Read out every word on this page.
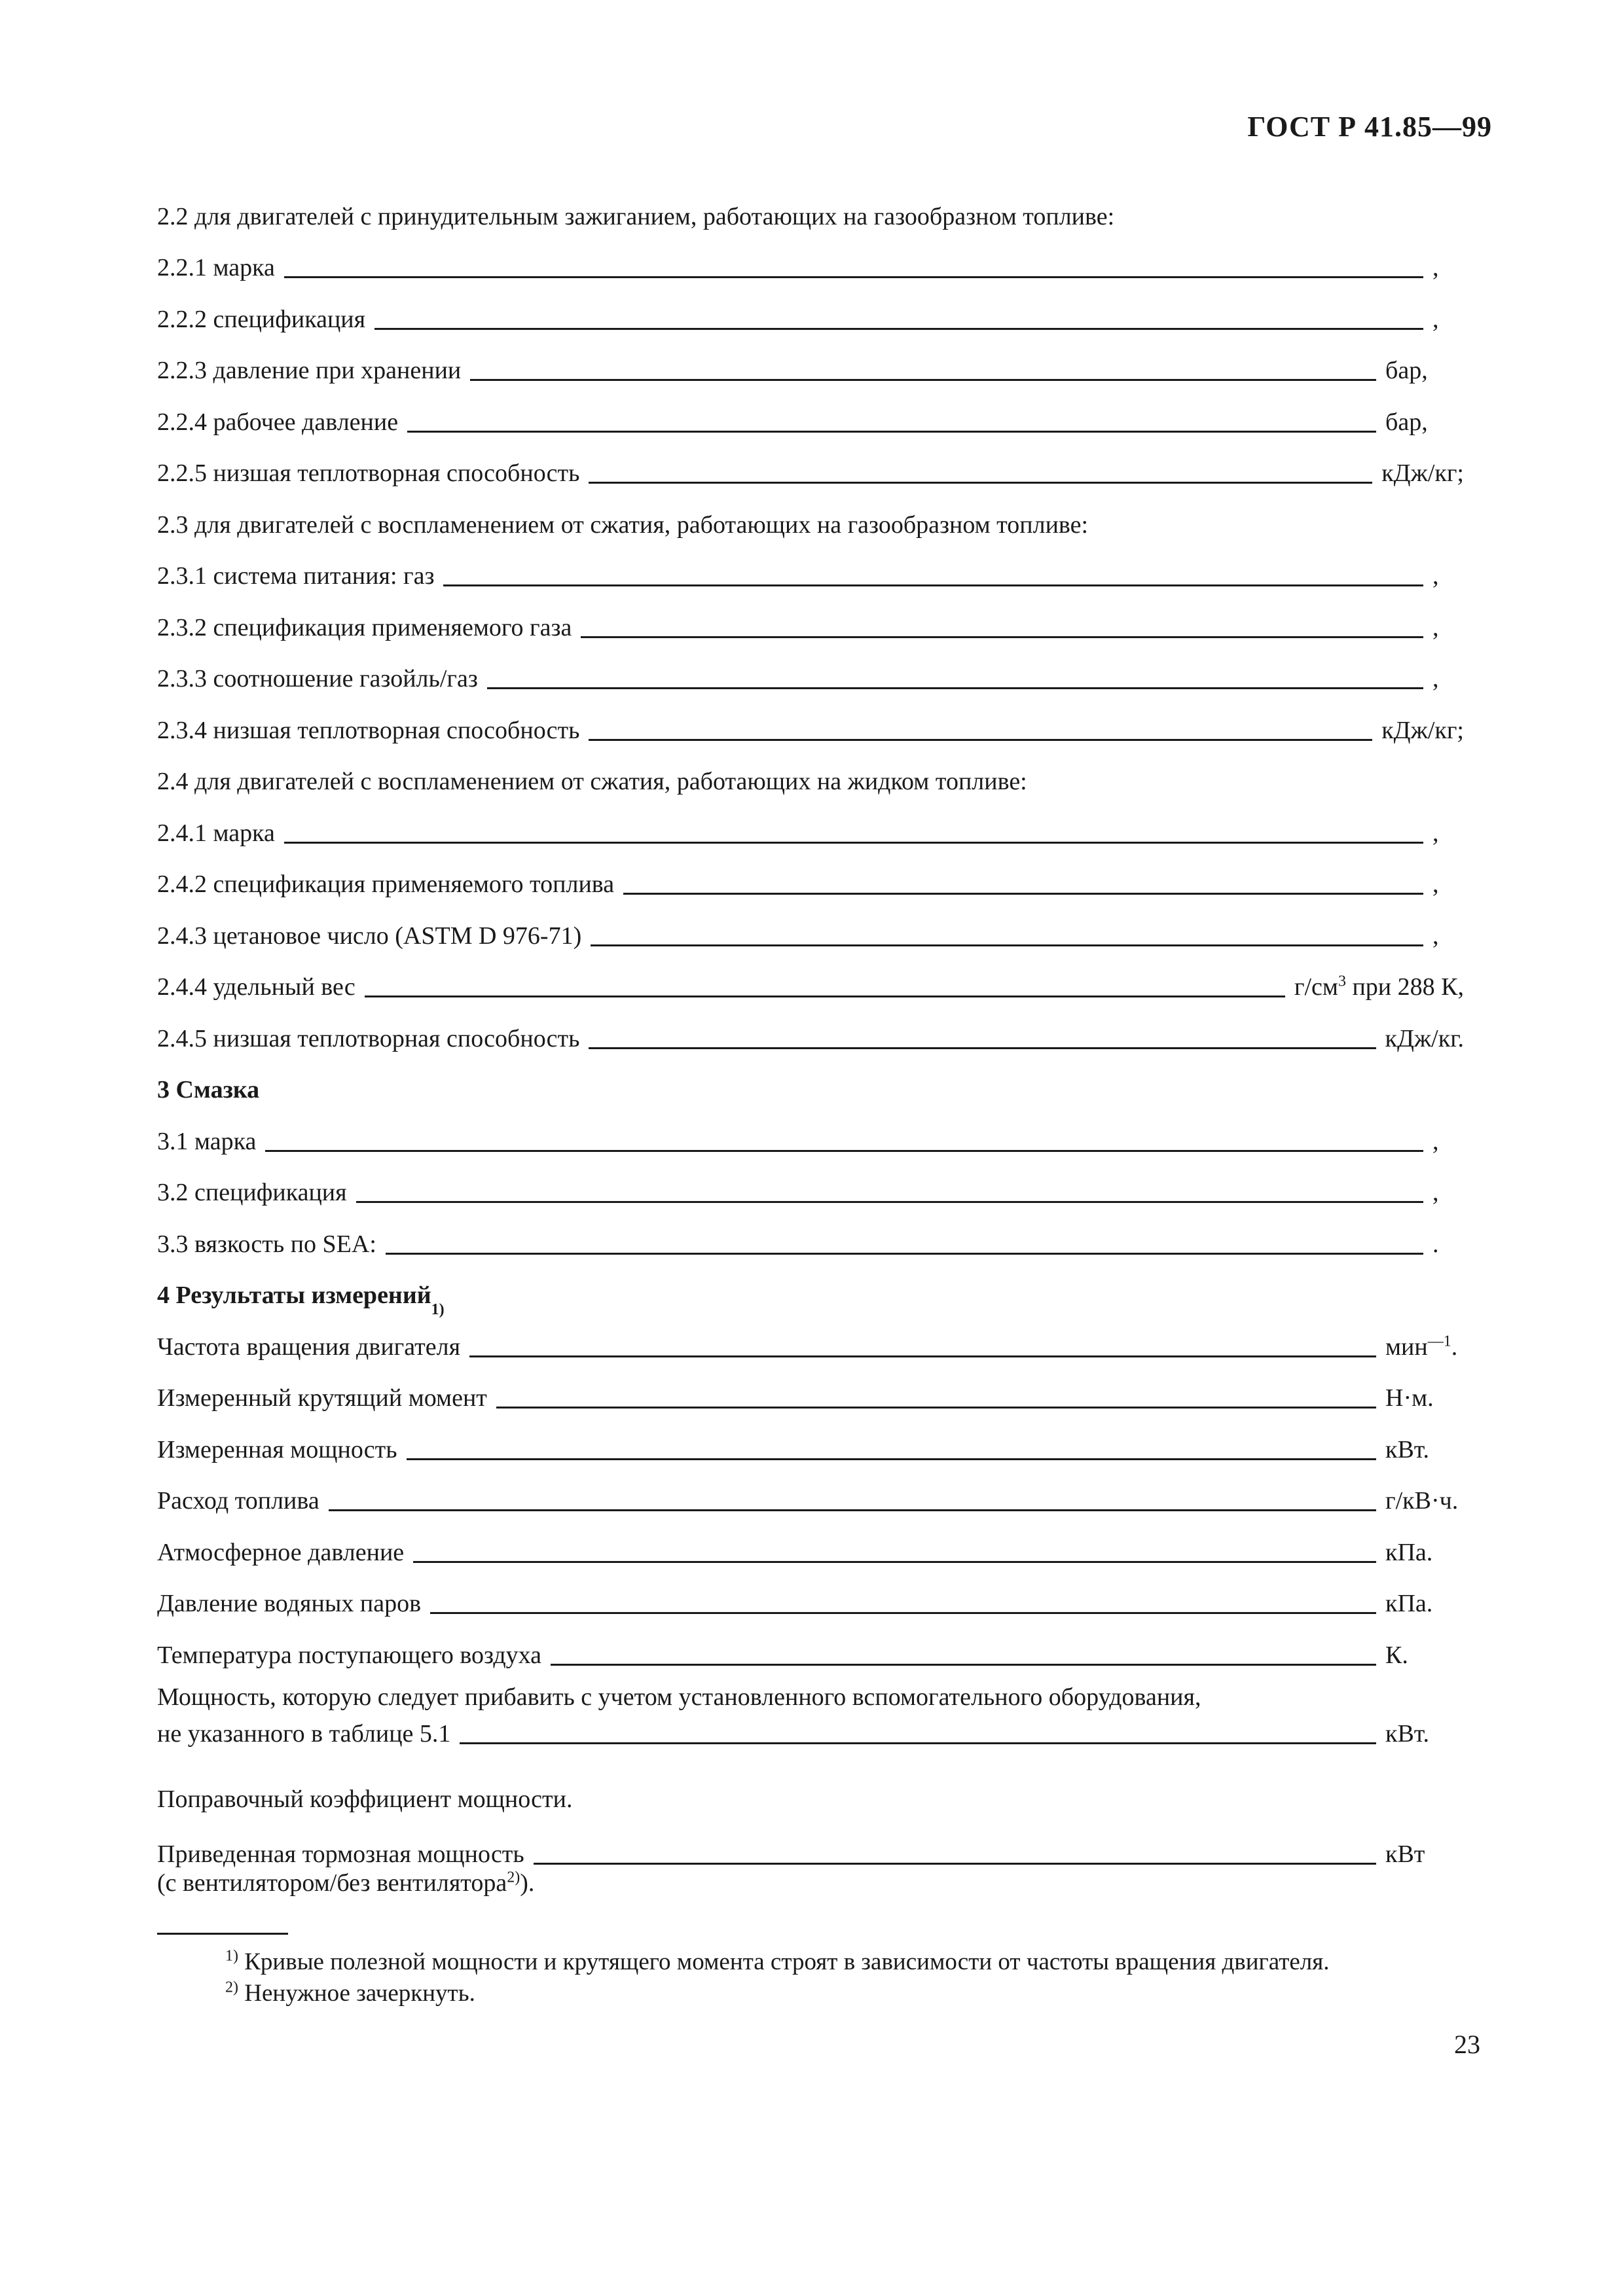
ГОСТ Р 41.85—99
2.2 для двигателей с принудительным зажиганием, работающих на газообразном топливе:
2.2.1 марка	,
2.2.2 спецификация	,
2.2.3 давление при хранении	бар,
2.2.4 рабочее давление	бар,
2.2.5 низшая теплотворная способность	кДж/кг;
2.3 для двигателей с воспламенением от сжатия, работающих на газообразном топливе:
2.3.1 система питания: газ	,
2.3.2 спецификация применяемого газа	,
2.3.3 соотношение газойль/газ	,
2.3.4 низшая теплотворная способность	кДж/кг;
2.4 для двигателей с воспламенением от сжатия, работающих на жидком топливе:
2.4.1 марка	,
2.4.2 спецификация применяемого топлива	,
2.4.3 цетановое число (ASTM D 976-71)	,
2.4.4 удельный вес	$г/см^3$ при 288 К,
2.4.5 низшая теплотворная способность	кДж/кг.
3 Смазка
3.1 марка	,
3.2 спецификация	,
3.3 вязкость по SEA:	.
4 Результаты измерений
1)
Частота вращения двигателя	мин$^{—1}$.
Измеренный крутящий момент	Н·м.
Измеренная мощность	кВт.
Расход топлива	г/кВ·ч.
Атмосферное давление	кПа.
Давление водяных паров	кПа.
Температура поступающего воздуха	К.
Мощность, которую следует прибавить с учетом установленного вспомогательного оборудования,
не указанного в таблице 5.1	кВт.
Поправочный коэффициент мощности.
Приведенная тормозная мощность	кВт
(с вентилятором/без вентилятора$^{2)}$).
$^{1)}$ Кривые полезной мощности и крутящего момента строят в зависимости от частоты вращения двигателя.
$^{2)}$ Ненужное зачеркнуть.
23
